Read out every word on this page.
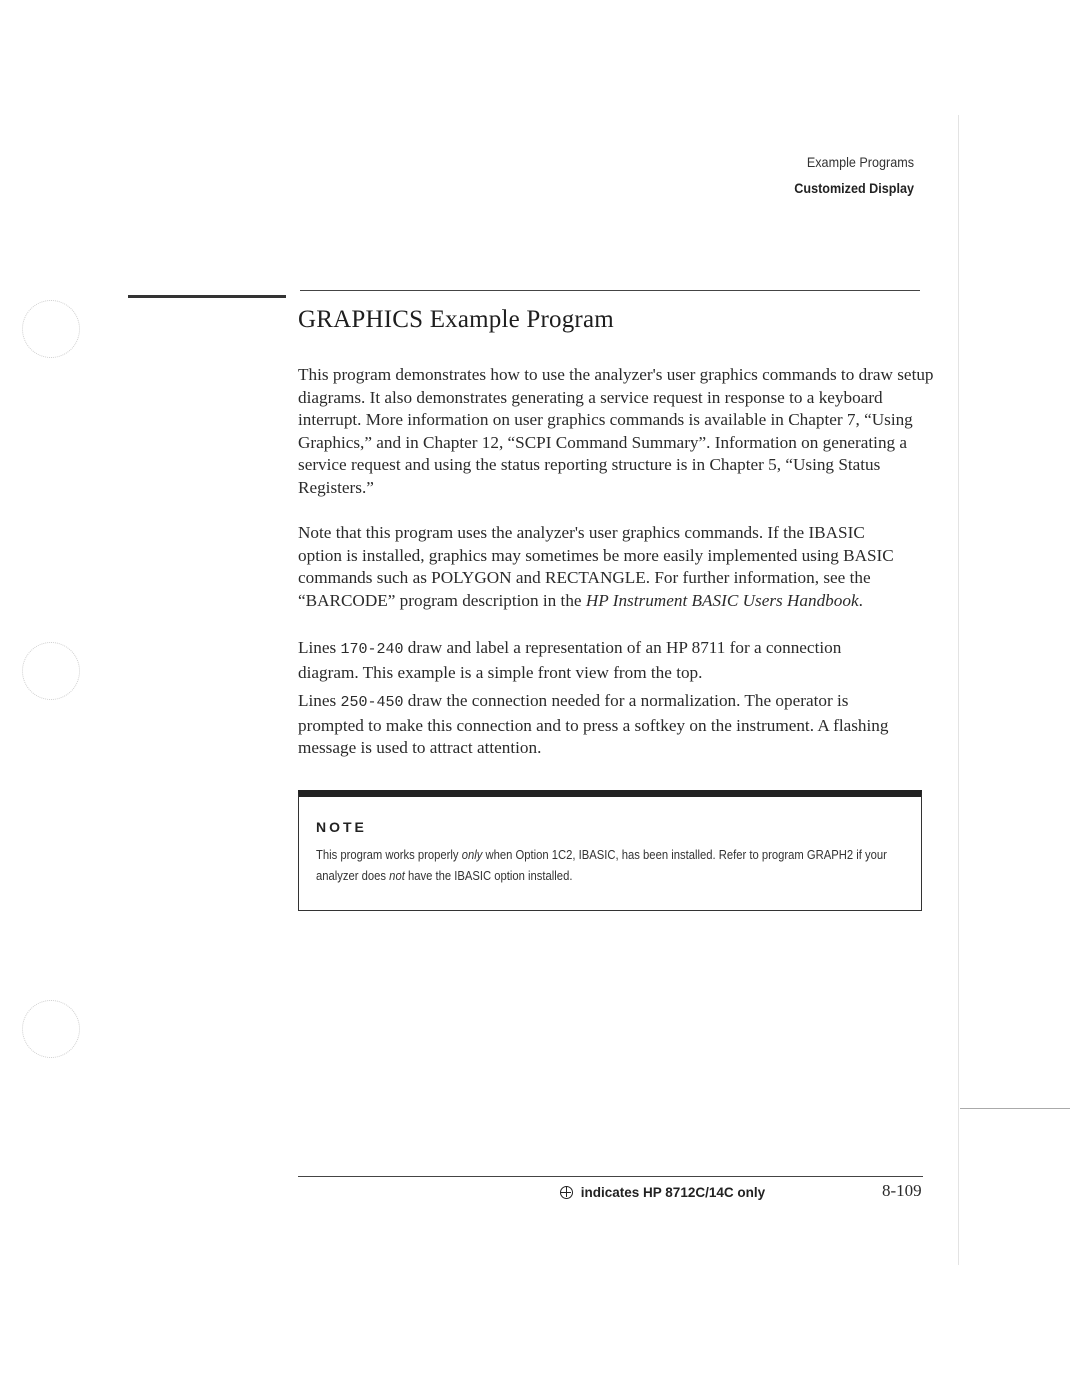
Example Programs
Customized Display
GRAPHICS Example Program

This program demonstrates how to use the analyzer's user graphics commands to draw setup diagrams. It also demonstrates generating a service request in response to a keyboard interrupt. More information on user graphics commands is available in Chapter 7, “Using Graphics,” and in Chapter 12, “SCPI Command Summary”. Information on generating a service request and using the status reporting structure is in Chapter 5, “Using Status Registers.”

Note that this program uses the analyzer's user graphics commands. If the IBASIC option is installed, graphics may sometimes be more easily implemented using BASIC commands such as POLYGON and RECTANGLE. For further information, see the “BARCODE” program description in the HP Instrument BASIC Users Handbook.

Lines 170-240 draw and label a representation of an HP 8711 for a connection diagram. This example is a simple front view from the top.

Lines 250-450 draw the connection needed for a normalization. The operator is prompted to make this connection and to press a softkey on the instrument. A flashing message is used to attract attention.

NOTE
This program works properly only when Option 1C2, IBASIC, has been installed. Refer to program GRAPH2 if your analyzer does not have the IBASIC option installed.
indicates HP 8712C/14C only	8-109
